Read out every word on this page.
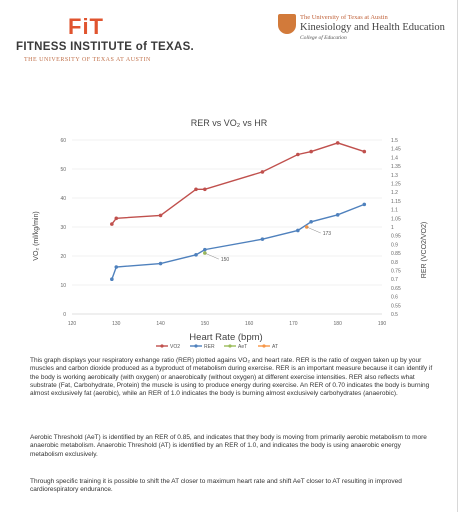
FiT
FITNESS INSTITUTE of TEXAS.
THE UNIVERSITY OF TEXAS AT AUSTIN
The University of Texas at Austin
Kinesiology and Health Education
College of Education
RER vs VO₂ vs HR
0
10
20
30
40
50
60
0.5
0.55
0.6
0.65
0.7
0.75
0.8
0.85
0.9
0.95
1
1.05
1.1
1.15
1.2
1.25
1.3
1.35
1.4
1.45
1.5
120	130	140	150	160	170	180	190
150
173
VO₂ (ml/kg/min)	RER (VCO2/VO2)
Heart Rate (bpm)
VO2	RER	AeT	AT

This graph displays your respiratory exhange ratio (RER) plotted agains VO₂ and heart rate. RER is the ratio of oxgyen taken up by your muscles and carbon dioxide produced as a byproduct of metabolism during exercise. RER is an important measure because it can identify if the body is working aerobically (with oxygen) or anaerobically (without oxygen) at different exercise intensities. RER also reflects what substrate (Fat, Carbohydrate, Protein) the muscle is using to produce energy during exercise. An RER of 0.70 indicates the body is burning almost exclusively fat (aerobic), while an RER of 1.0 indicates the body is burning almost exclusively carbohydrates (anaerobic).

Aerobic Threshold (AeT) is identified by an RER of 0.85, and indicates that they body is moving from primarily aerobic metabolism to more anaerobic metabolism. Anaerobic Threshold (AT) is identified by an RER of 1.0, and indicates the body is using anaerobic energy metabolism exclusively.

Through specific training it is possible to shift the AT closer to maximum heart rate and shift AeT closer to AT resulting in improved cardiorespiratory endurance.
